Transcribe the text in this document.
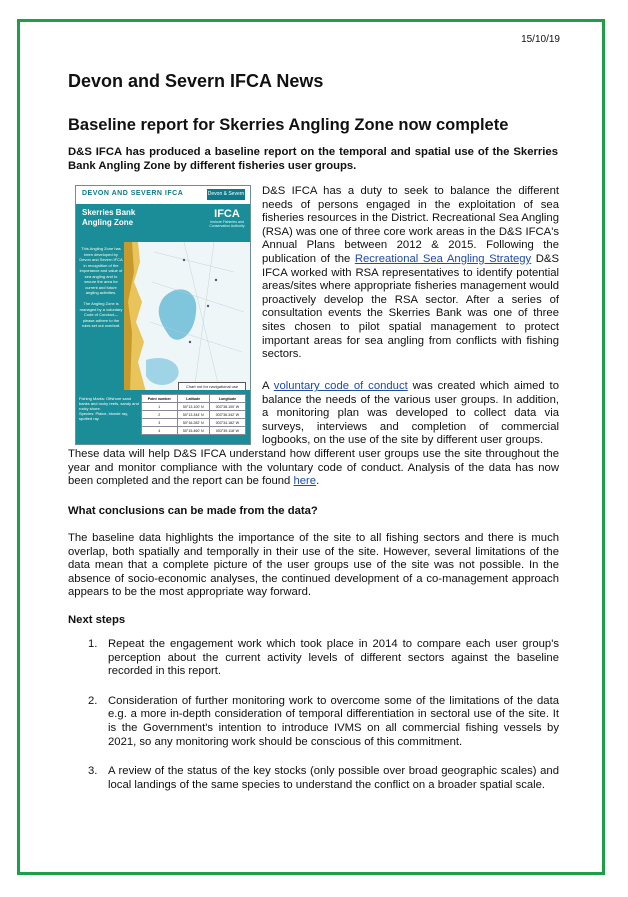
15/10/19
Devon and Severn IFCA News
Baseline report for Skerries Angling Zone now complete

D&S IFCA has produced a baseline report on the temporal and spatial use of the Skerries Bank Angling Zone by different fisheries user groups.

DEVON AND SEVERN IFCA	Devon & Severn
Skerries Bank
Angling Zone
IFCA
Inshore Fisheries and Conservation Authority
This Angling Zone has been developed by Devon and Severn IFCA in recognition of the importance and value of sea angling and to secure the area for current and future angling activities.

The Angling Zone is managed by a voluntary Code of Conduct—please adhere to the rules set out overleaf.
Chart not for navigational use
Fishing Marks: Offshore sand banks and rocky reefs, sandy and rocky shore.
Species: Plaice, blonde ray, spotted ray
Point number	Latitude	Longitude
1	50°13.100' N	003°38.100' W
2	50°13.344' N	003°36.342' W
3	50°16.282' N	003°34.182' W
4	50°15.460' N	003°39.118' W

D&S IFCA has a duty to seek to balance the different needs of persons engaged in the exploitation of sea fisheries resources in the District. Recreational Sea Angling (RSA) was one of three core work areas in the D&S IFCA's Annual Plans between 2012 & 2015. Following the publication of the Recreational Sea Angling Strategy D&S IFCA worked with RSA representatives to identify potential areas/sites where appropriate fisheries management would proactively develop the RSA sector. After a series of consultation events the Skerries Bank was one of three sites chosen to pilot spatial management to protect important areas for sea angling from conflicts with fishing sectors.

A voluntary code of conduct was created which aimed to balance the needs of the various user groups. In addition, a monitoring plan was developed to collect data via surveys, interviews and completion of commercial logbooks, on the use of the site by different user groups.

These data will help D&S IFCA understand how different user groups use the site throughout the year and monitor compliance with the voluntary code of conduct. Analysis of the data has now been completed and the report can be found here.

What conclusions can be made from the data?

The baseline data highlights the importance of the site to all fishing sectors and there is much overlap, both spatially and temporally in their use of the site. However, several limitations of the data mean that a complete picture of the user groups use of the site was not possible. In the absence of socio-economic analyses, the continued development of a co-management approach appears to be the most appropriate way forward.

Next steps

1. Repeat the engagement work which took place in 2014 to compare each user group's perception about the current activity levels of different sectors against the baseline recorded in this report.
2. Consideration of further monitoring work to overcome some of the limitations of the data e.g. a more in-depth consideration of temporal differentiation in sectoral use of the site. It is the Government's intention to introduce IVMS on all commercial fishing vessels by 2021, so any monitoring work should be conscious of this commitment.
3. A review of the status of the key stocks (only possible over broad geographic scales) and local landings of the same species to understand the conflict on a broader spatial scale.
